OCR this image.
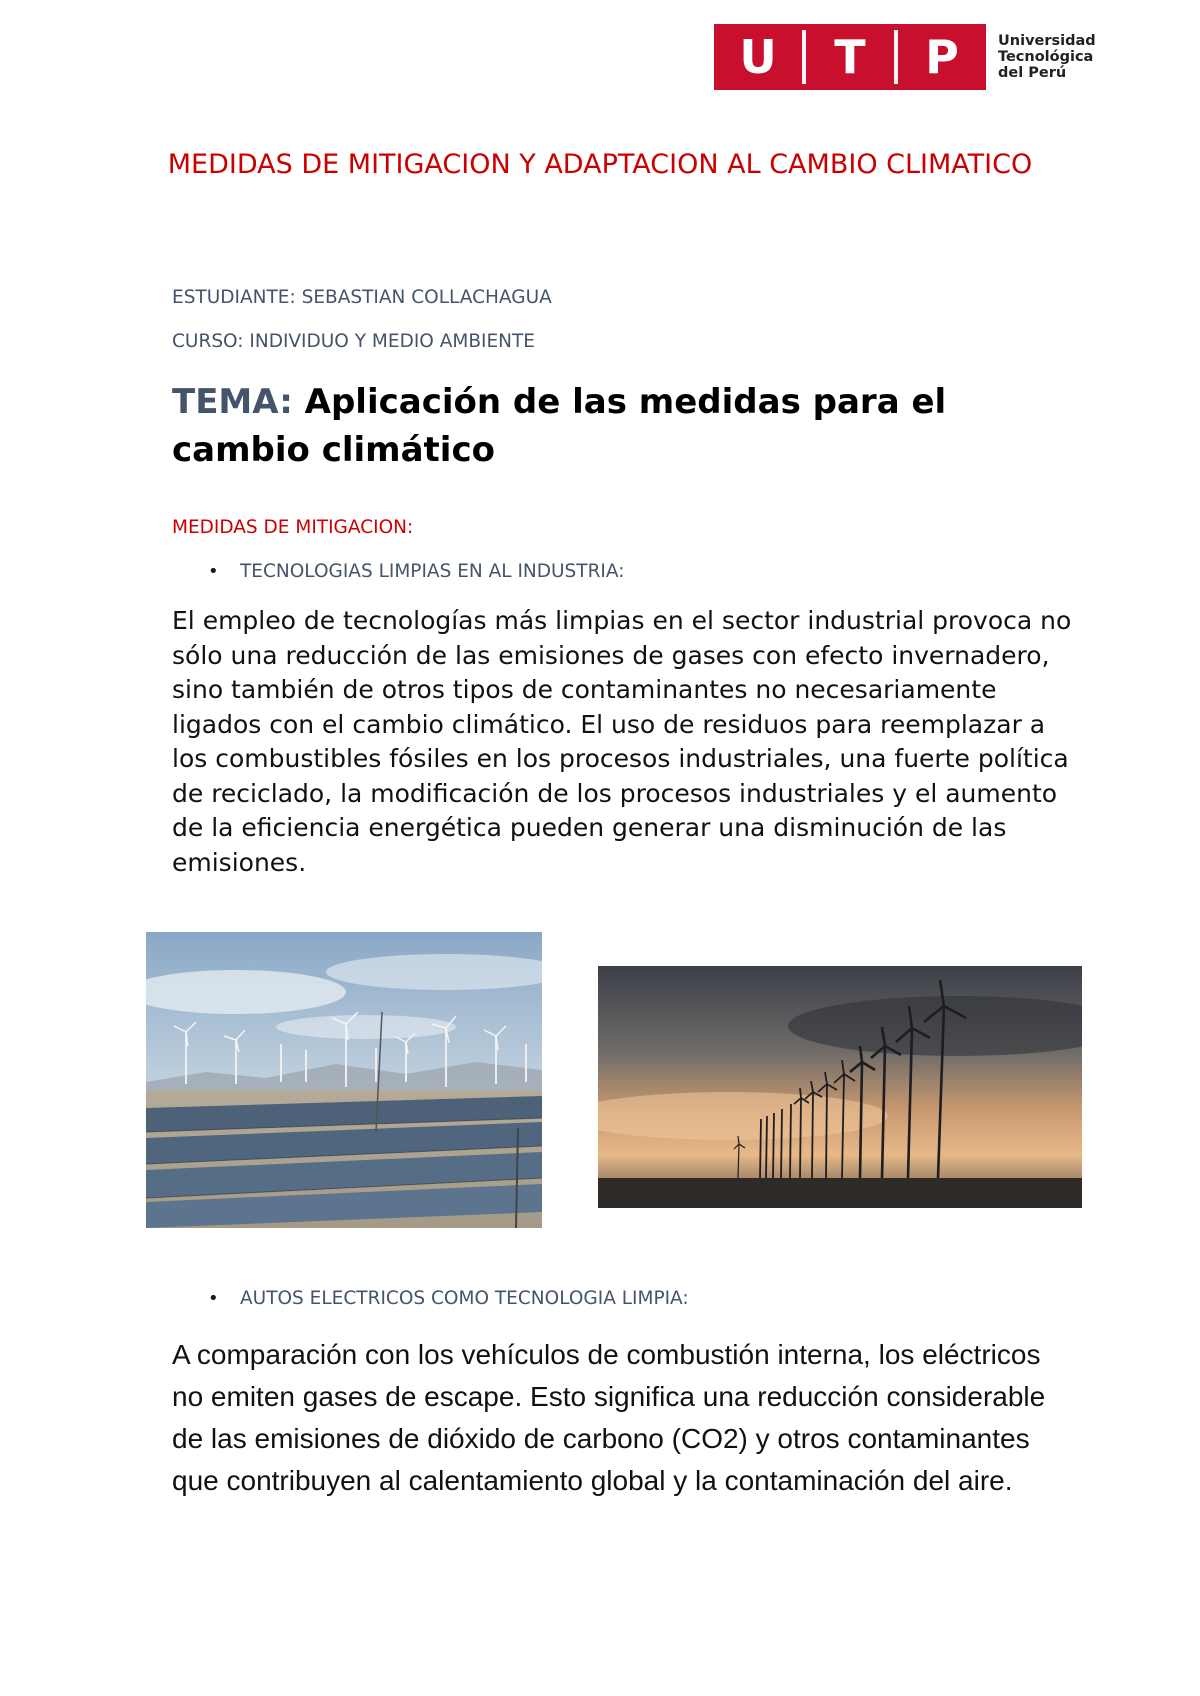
U	T	P	Universidad
Tecnológica
del Perú
MEDIDAS DE MITIGACION Y ADAPTACION AL CAMBIO CLIMATICO

ESTUDIANTE: SEBASTIAN COLLACHAGUA

CURSO: INDIVIDUO Y MEDIO AMBIENTE

TEMA: Aplicación de las medidas para el cambio climático

MEDIDAS DE MITIGACION:

•	TECNOLOGIAS LIMPIAS EN AL INDUSTRIA:

El empleo de tecnologías más limpias en el sector industrial provoca no sólo una reducción de las emisiones de gases con efecto invernadero, sino también de otros tipos de contaminantes no necesariamente ligados con el cambio climático. El uso de residuos para reemplazar a los combustibles fósiles en los procesos industriales, una fuerte política de reciclado, la modificación de los procesos industriales y el aumento de la eficiencia energética pueden generar una disminución de las emisiones.

•	AUTOS ELECTRICOS COMO TECNOLOGIA LIMPIA:

A comparación con los vehículos de combustión interna, los eléctricos no emiten gases de escape. Esto significa una reducción considerable de las emisiones de dióxido de carbono (CO2) y otros contaminantes que contribuyen al calentamiento global y la contaminación del aire.
